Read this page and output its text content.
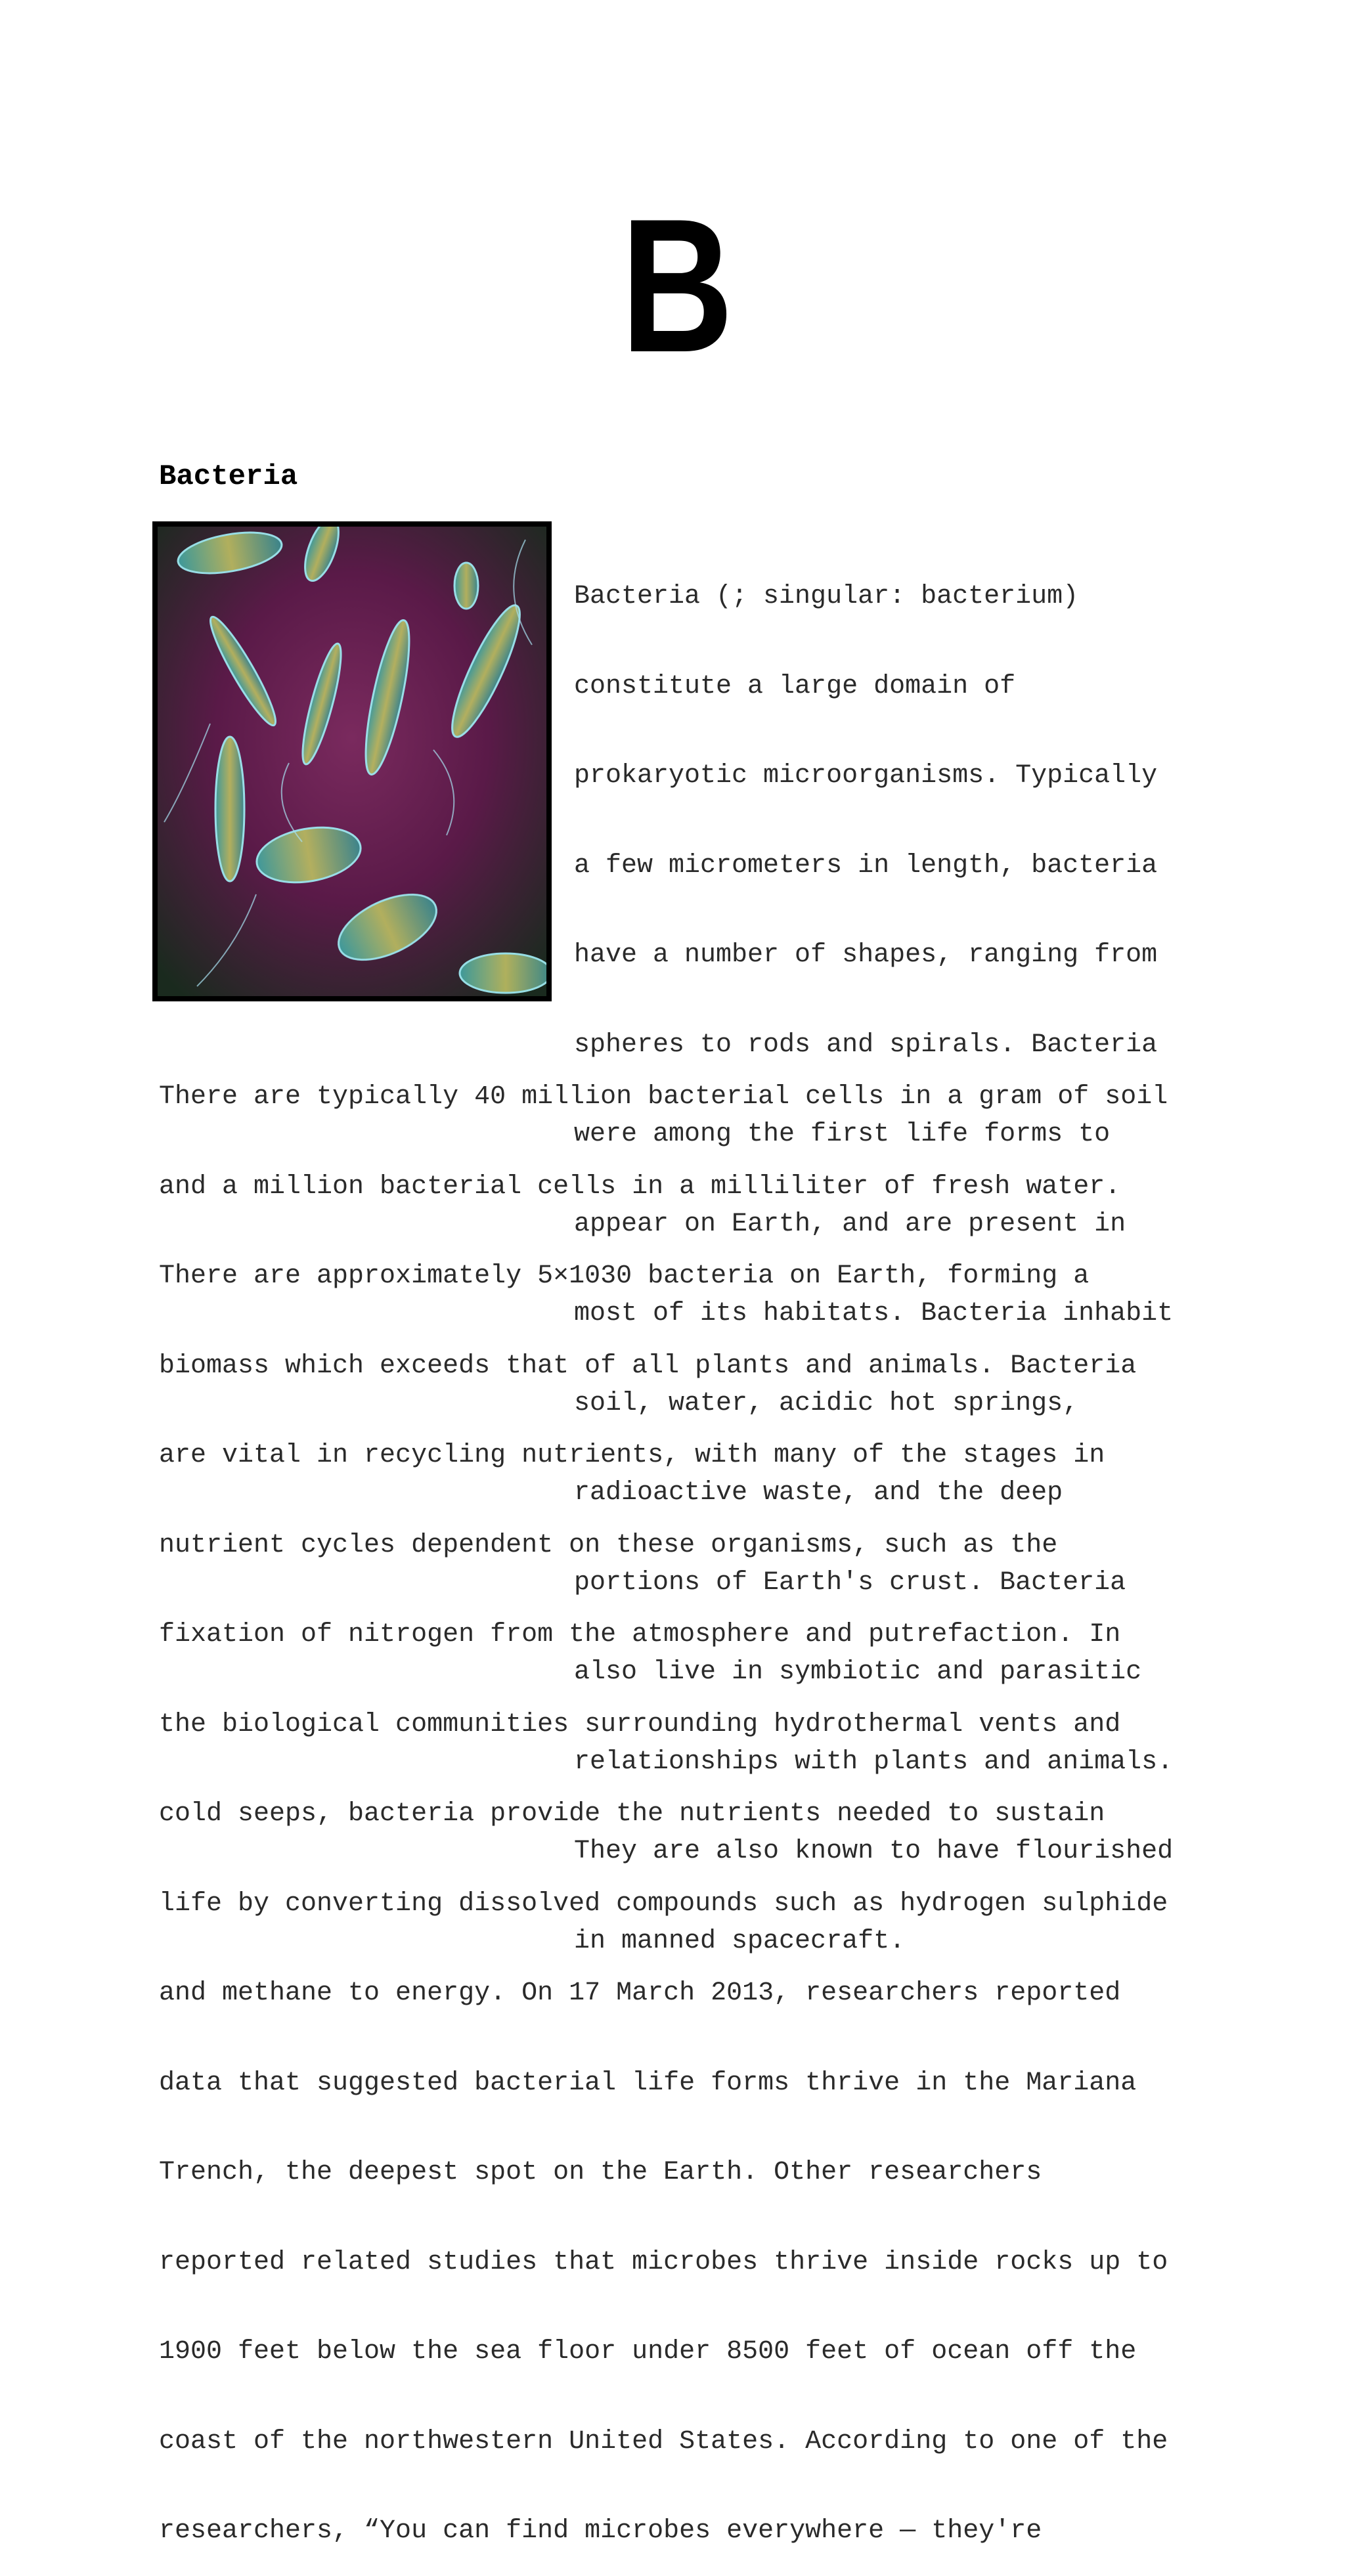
B
Bacteria

Bacteria (; singular: bacterium)

constitute a large domain of

prokaryotic microorganisms. Typically

a few micrometers in length, bacteria

have a number of shapes, ranging from

spheres to rods and spirals. Bacteria

were among the first life forms to

appear on Earth, and are present in

most of its habitats. Bacteria inhabit

soil, water, acidic hot springs,

radioactive waste, and the deep

portions of Earth's crust. Bacteria

also live in symbiotic and parasitic

relationships with plants and animals.

They are also known to have flourished

in manned spacecraft.

There are typically 40 million bacterial cells in a gram of soil

and a million bacterial cells in a milliliter of fresh water.

There are approximately 5×1030 bacteria on Earth, forming a

biomass which exceeds that of all plants and animals. Bacteria

are vital in recycling nutrients, with many of the stages in

nutrient cycles dependent on these organisms, such as the

fixation of nitrogen from the atmosphere and putrefaction. In

the biological communities surrounding hydrothermal vents and

cold seeps, bacteria provide the nutrients needed to sustain

life by converting dissolved compounds such as hydrogen sulphide

and methane to energy. On 17 March 2013, researchers reported

data that suggested bacterial life forms thrive in the Mariana

Trench, the deepest spot on the Earth. Other researchers

reported related studies that microbes thrive inside rocks up to

1900 feet below the sea floor under 8500 feet of ocean off the

coast of the northwestern United States. According to one of the

researchers, “You can find microbes everywhere — they're
